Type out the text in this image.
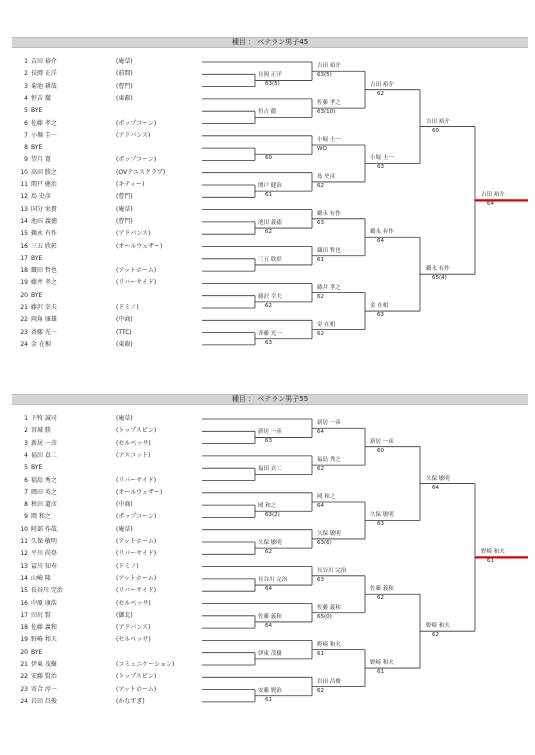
種目 ： ベテラン男子45
1 吉田 裕介	(庵草)
2 長岡 正洋	(前間)
3 菊池 耕哉	(曹門)
4 恒吉 徹	(東叡)
5 BYE
6 佐藤 孝之	(ポップコーン)
7 小堀 圭一	(アドバンス)
8 BYE
9 望月 寛	(ポップコーン)
10 高田 勝之	(OVテニスクラブ)
11 関戸 健治	(キティー)
12 島 史彦	(曹門)
13 国分 栄貴	(庵草)
14 池田 義徳	(曹門)
15 鵜永 有作	(アドバンス)
16 三五 欣彰	(オールウェザー)
17 BYE
18 織田 哲也	(アットホーム)
19 藤井 孝之	(リバーサイド)
20 BYE
21 藤沢 幸夫	(ドミノ)
22 両角 康雄	(中商)
23 斉藤 光一	(TTC)
24 金 在相	(東叡)
種目 ： ベテラン男子55
1 下牧 誠司	(庵草)
2 宮城 勝	(トップスピン)
3 新居 一彦	(セルベッサ)
4 福田 貞二	(アスコット)
5 BYE
6 福島 秀之	(リバーサイド)
7 岡田 英之	(オールウェザー)
8 秋田 道彦	(中商)
9 岡 和之	(ポップコーン)
10 阿部 作哉	(庵草)
11 久保 敏明	(アットホーム)
12 平川 尚登	(リバーサイド)
13 冨川 知寿	(ドミノ)
14 山崎 隆	(アットホーム)
15 長谷川 完治	(リバーサイド)
16 中原 康浩	(セルベッサ)
17 田尻 賢	(御北)
18 佐藤 義和	(アドバンス)
19 野崎 和夫	(セルベッサ)
20 BYE
21 伊東 茂樹	(コミュニケーション)
22 安藤 賢治	(トップスピン)
23 寄合 淳一	(アットホーム)
24 岩田 昌俊	(かなすぎ)
長岡 正洋
63(5)
吉田 裕介
63(5)
恒吉 徹
佐藤 孝之
63(10)
60
小堀 圭一
WO
関戸 健治
61
島 史彦
62
池田 義徳
62
鵜永 有作
63
三五 欣彰
織田 哲也
61
藤沢 幸夫
62
藤井 孝之
62
斉藤 光一
63
金 在相
62
吉田 裕介
62
小堀 圭一
63
鵜永 有作
64
金 在相
63
吉田 裕介
60
鵜永 有作
65(4)
吉田 裕介
64
新居 一彦
63
新居 一彦
64
福田 貞二
福島 秀之
62
岡 和之
63(2)
岡 和之
64
久保 敏明
62
久保 敏明
63(6)
長谷川 完治
64
長谷川 完治
63
佐藤 義和
64
佐藤 義和
65(0)
伊東 茂樹
野崎 和夫
61
安藤 賢治
61
岩田 昌俊
62
新居 一彦
60
久保 敏明
63
佐藤 義和
62
野崎 和夫
61
久保 敏明
64
野崎 和夫
62
野崎 和夫
61
